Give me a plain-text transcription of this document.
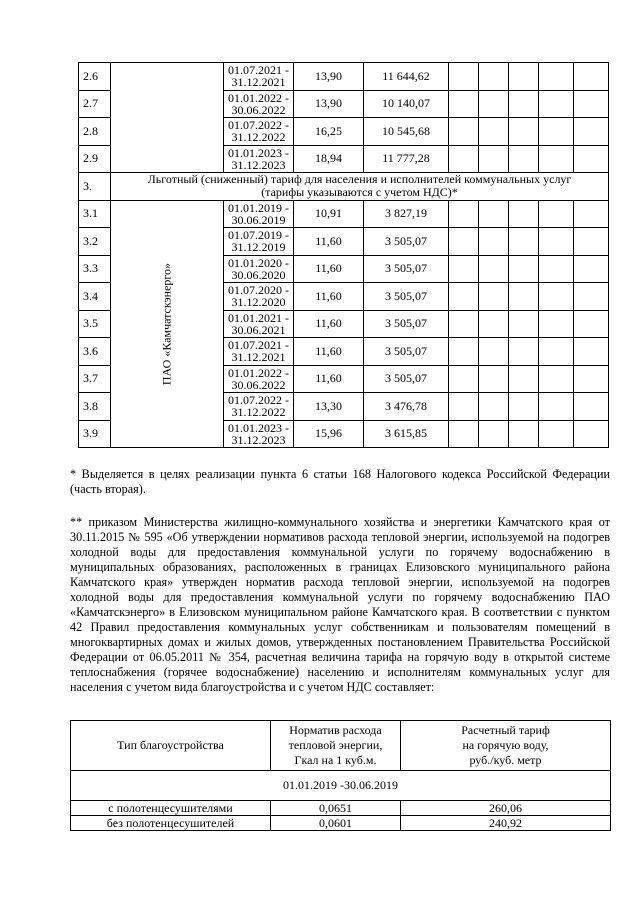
2.6		01.07.2021 -
31.12.2021	13,90	11 644,62					
2.7		01.01.2022 -
30.06.2022	13,90	10 140,07					
2.8		01.07.2022 -
31.12.2022	16,25	10 545,68					
2.9		01.01.2023 -
31.12.2023	18,94	11 777,28					
3.	Льготный (сниженный) тариф для населения и исполнителей коммунальных услуг
(тарифы указываются с учетом НДС)*								
3.1	ПАО «Камчатскэнерго»	01.01.2019 -
30.06.2019	10,91	3 827,19					
3.2		01.07.2019 -
31.12.2019	11,60	3 505,07					
3.3		01.01.2020 -
30.06.2020	11,60	3 505,07					
3.4		01.07.2020 -
31.12.2020	11,60	3 505,07					
3.5		01.01.2021 -
30.06.2021	11,60	3 505,07					
3.6		01.07.2021 -
31.12.2021	11,60	3 505,07					
3.7		01.01.2022 -
30.06.2022	11,60	3 505,07					
3.8		01.07.2022 -
31.12.2022	13,30	3 476,78					
3.9		01.01.2023 -
31.12.2023	15,96	3 615,85					

* Выделяется в целях реализации пункта 6 статьи 168 Налогового кодекса Российской Федерации (часть вторая).

** приказом Министерства жилищно-коммунального хозяйства и энергетики Камчатского края от 30.11.2015 № 595 «Об утверждении нормативов расхода тепловой энергии, используемой на подогрев холодной воды для предоставления коммунальной услуги по горячему водоснабжению в муниципальных образованиях, расположенных в границах Елизовского муниципального района Камчатского края» утвержден норматив расхода тепловой энергии, используемой на подогрев холодной воды для предоставления коммунальной услуги по горячему водоснабжению ПАО «Камчатскэнерго» в Елизовском муниципальном районе Камчатского края. В соответствии с пунктом 42 Правил предоставления коммунальных услуг собственникам и пользователям помещений в многоквартирных домах и жилых домов, утвержденных постановлением Правительства Российской Федерации от 06.05.2011 № 354, расчетная величина тарифа на горячую воду в открытой системе теплоснабжения (горячее водоснабжение) населению и исполнителям коммунальных услуг для населения с учетом вида благоустройства и с учетом НДС составляет:

Тип благоустройства	Норматив расхода
тепловой энергии,
Гкал на 1 куб.м.	Расчетный тариф
на горячую воду,
руб./куб. метр
01.01.2019 -30.06.2019		
с полотенцесушителями	0,0651	260,06
без полотенцесушителей	0,0601	240,92
